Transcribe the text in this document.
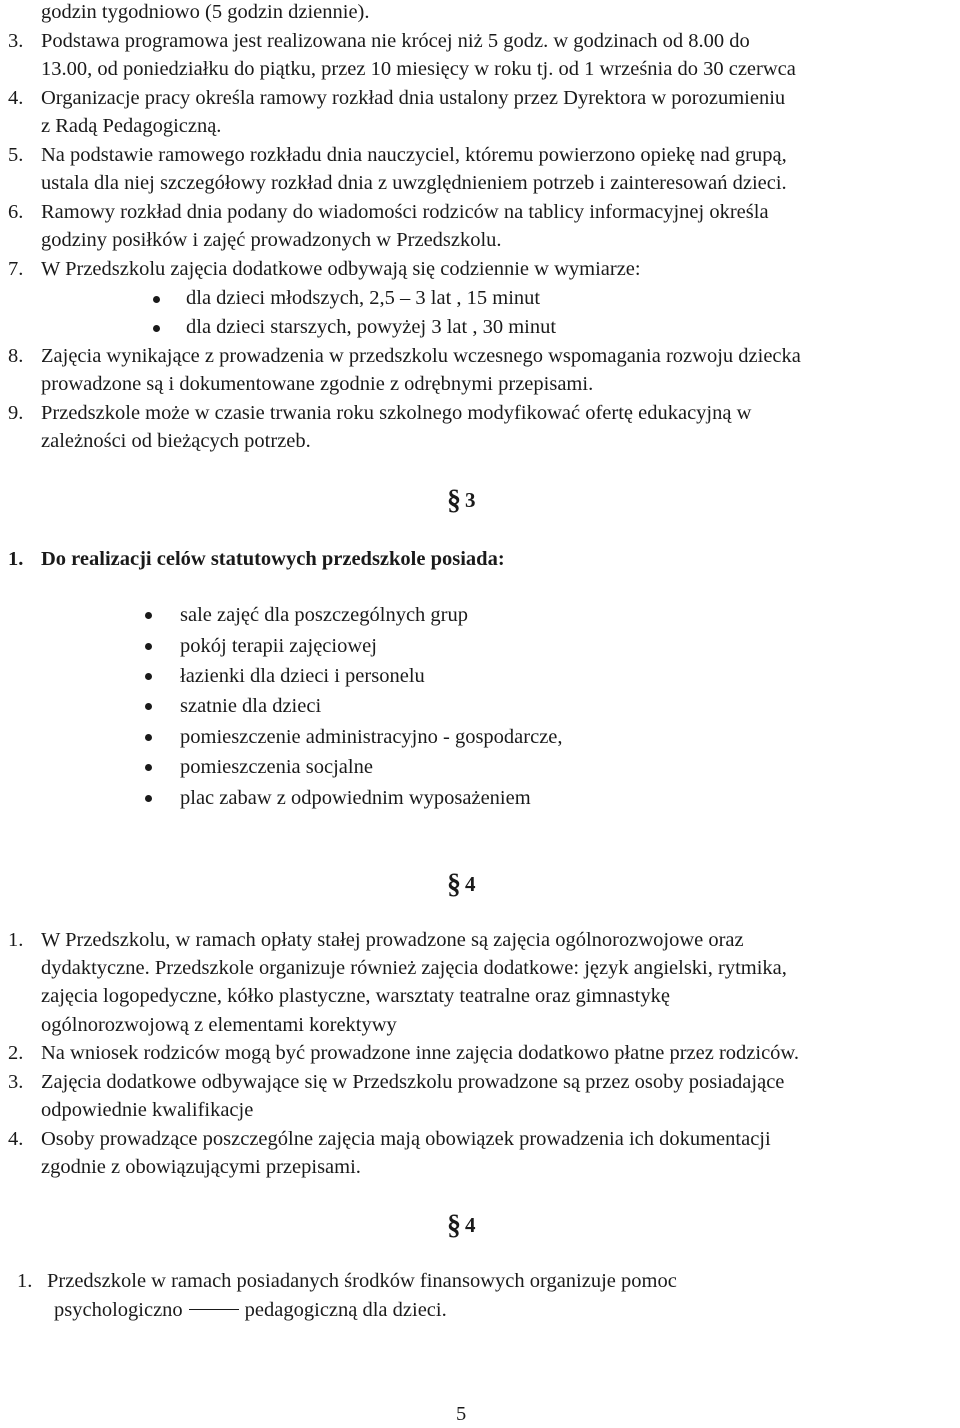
godzin tygodniowo (5 godzin dziennie).
3. Podstawa programowa jest realizowana nie krócej niż 5 godz. w godzinach od 8.00 do
13.00, od poniedziałku do piątku, przez 10 miesięcy w roku tj. od 1 września do 30 czerwca
4. Organizacje pracy określa ramowy rozkład dnia ustalony przez Dyrektora w porozumieniu
z Radą Pedagogiczną.
5. Na podstawie ramowego rozkładu dnia nauczyciel, któremu powierzono opiekę nad grupą,
ustala dla niej szczegółowy rozkład dnia z uwzględnieniem potrzeb i zainteresowań dzieci.
6. Ramowy rozkład dnia podany do wiadomości rodziców na tablicy informacyjnej określa
godziny posiłków i zajęć prowadzonych w Przedszkolu.
7. W Przedszkolu zajęcia dodatkowe odbywają się codziennie w wymiarze:
dla dzieci młodszych, 2,5 – 3 lat , 15 minut
dla dzieci starszych, powyżej 3 lat , 30 minut
8. Zajęcia wynikające z prowadzenia w przedszkolu wczesnego wspomagania rozwoju dziecka
prowadzone są i dokumentowane zgodnie z odrębnymi przepisami.
9. Przedszkole może w czasie trwania roku szkolnego modyfikować ofertę edukacyjną w
zależności od bieżących potrzeb.
§ 3
1. Do realizacji celów statutowych przedszkole posiada:
sale zajęć dla poszczególnych grup
pokój terapii zajęciowej
łazienki dla dzieci i personelu
szatnie dla dzieci
pomieszczenie administracyjno - gospodarcze,
pomieszczenia socjalne
plac zabaw z odpowiednim wyposażeniem
§ 4
1. W Przedszkolu, w ramach opłaty stałej prowadzone są zajęcia ogólnorozwojowe oraz
dydaktyczne. Przedszkole organizuje również zajęcia dodatkowe: język angielski, rytmika,
zajęcia logopedyczne, kółko plastyczne, warsztaty teatralne oraz gimnastykę
ogólnorozwojową z elementami korektywy
2. Na wniosek rodziców mogą być prowadzone inne zajęcia dodatkowo płatne przez rodziców.
3. Zajęcia dodatkowe odbywające się w Przedszkolu prowadzone są przez osoby posiadające
odpowiednie kwalifikacje
4. Osoby prowadzące poszczególne zajęcia mają obowiązek prowadzenia ich dokumentacji
zgodnie z obowiązującymi przepisami.
§ 4
1. Przedszkole w ramach posiadanych środków finansowych organizuje pomoc
psychologiczno	pedagogiczną dla dzieci.
5
